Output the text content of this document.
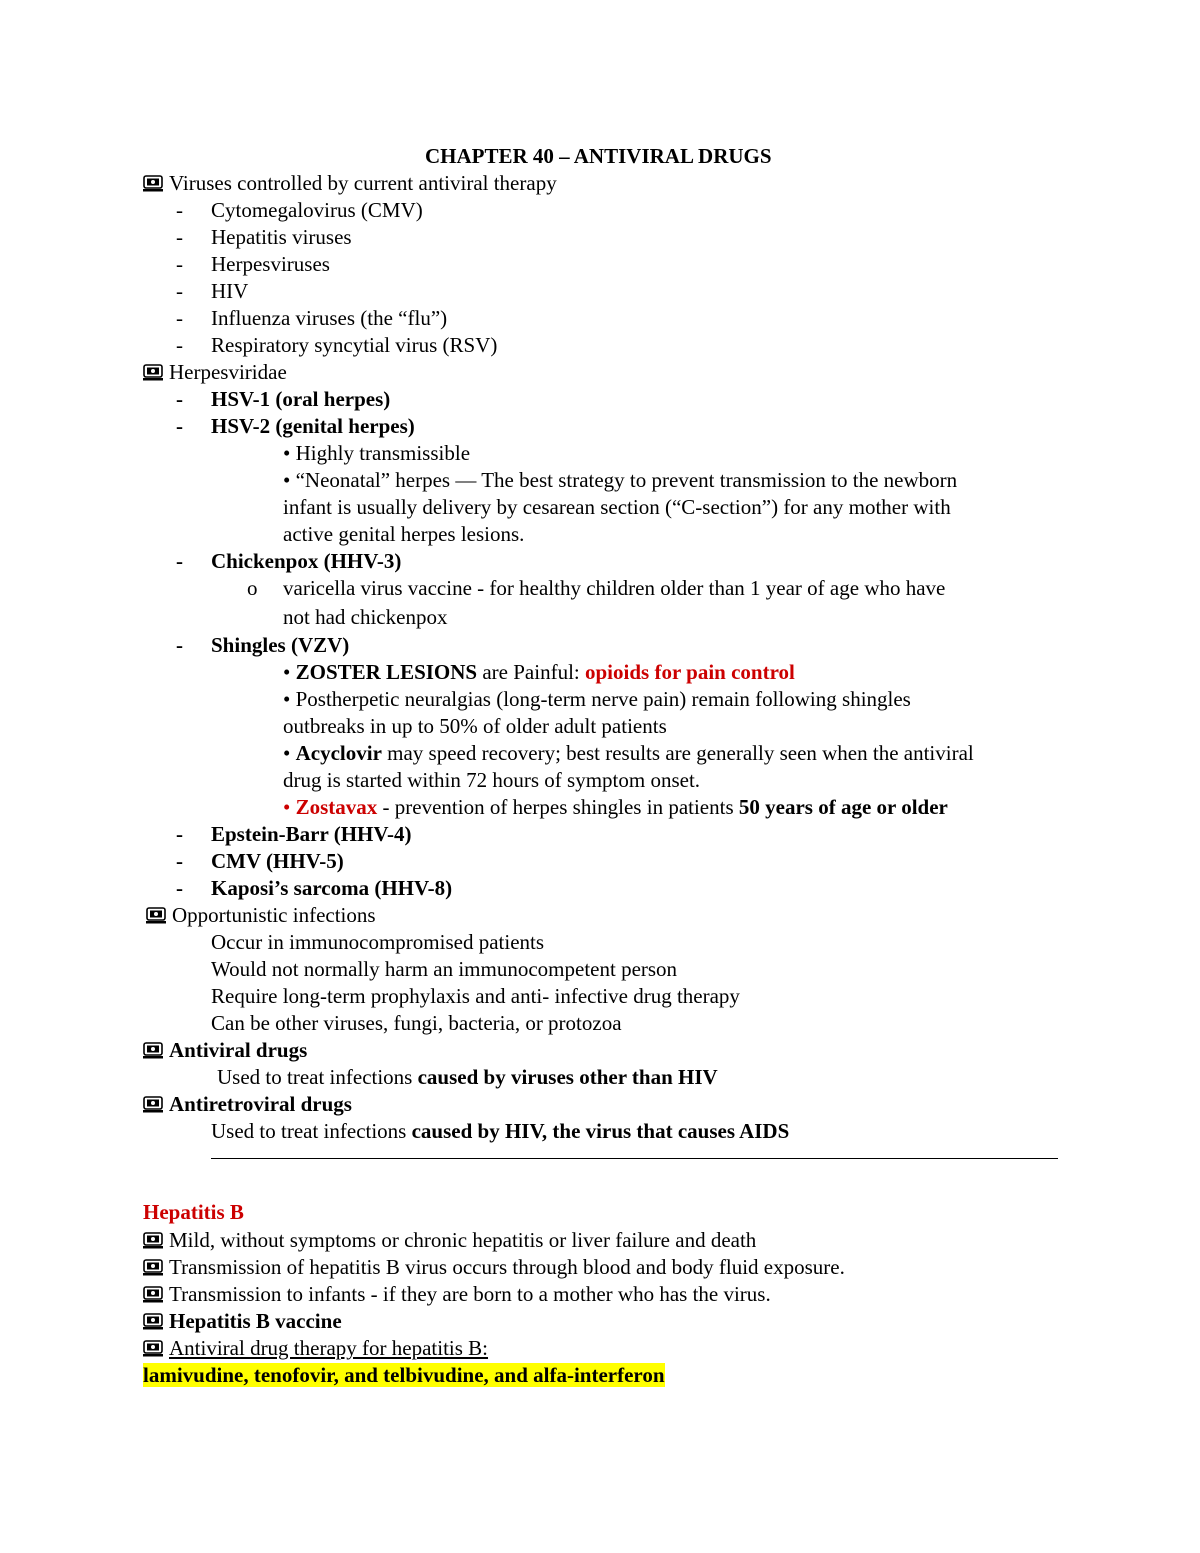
CHAPTER 40 – ANTIVIRAL DRUGS
Viruses controlled by current antiviral therapy
- Cytomegalovirus (CMV)
- Hepatitis viruses
- Herpesviruses
- HIV
- Influenza viruses (the “flu”)
- Respiratory syncytial virus (RSV)
Herpesviridae
- HSV-1 (oral herpes)
- HSV-2 (genital herpes)
• Highly transmissible
• “Neonatal” herpes — The best strategy to prevent transmission to the newborn
infant is usually delivery by cesarean section (“C-section”) for any mother with
active genital herpes lesions.
- Chickenpox (HHV-3)
o varicella virus vaccine - for healthy children older than 1 year of age who have
not had chickenpox
- Shingles (VZV)
• ZOSTER LESIONS are Painful: opioids for pain control
• Postherpetic neuralgias (long-term nerve pain) remain following shingles
outbreaks in up to 50% of older adult patients
• Acyclovir may speed recovery; best results are generally seen when the antiviral
drug is started within 72 hours of symptom onset.
• Zostavax - prevention of herpes shingles in patients 50 years of age or older
- Epstein-Barr (HHV-4)
- CMV (HHV-5)
- Kaposi’s sarcoma (HHV-8)
Opportunistic infections
Occur in immunocompromised patients
Would not normally harm an immunocompetent person
Require long-term prophylaxis and anti- infective drug therapy
Can be other viruses, fungi, bacteria, or protozoa
Antiviral drugs
Used to treat infections caused by viruses other than HIV
Antiretroviral drugs
Used to treat infections caused by HIV, the virus that causes AIDS
Hepatitis B
Mild, without symptoms or chronic hepatitis or liver failure and death
Transmission of hepatitis B virus occurs through blood and body fluid exposure.
Transmission to infants - if they are born to a mother who has the virus.
Hepatitis B vaccine
Antiviral drug therapy for hepatitis B:
lamivudine, tenofovir, and telbivudine, and alfa-interferon
